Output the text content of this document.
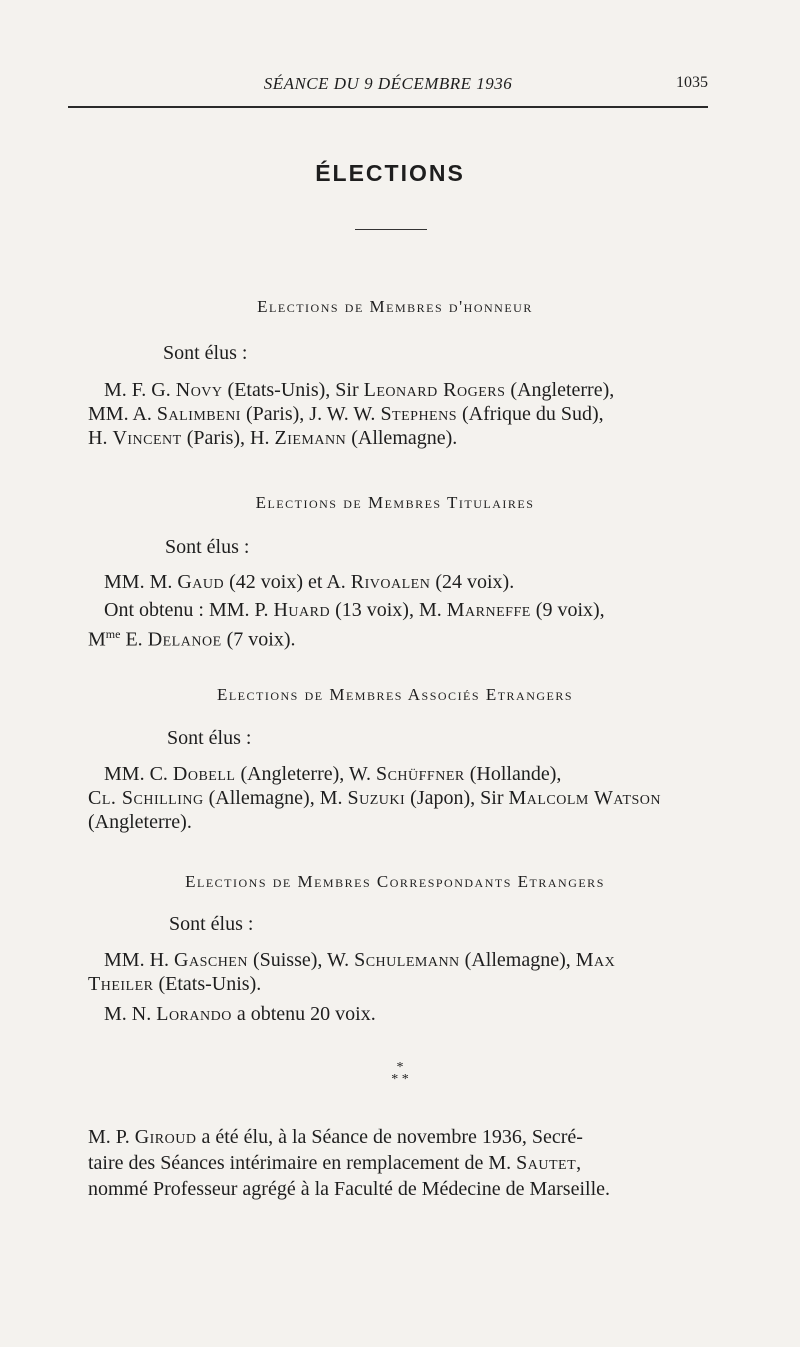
SÉANCE DU 9 DÉCEMBRE 1936	1035
ÉLECTIONS
Elections de Membres d'honneur
Sont élus :
M. F. G. Novy (Etats-Unis), Sir Leonard Rogers (Angleterre),
MM. A. Salimbeni (Paris), J. W. W. Stephens (Afrique du Sud),
H. Vincent (Paris), H. Ziemann (Allemagne).
Elections de Membres Titulaires
Sont élus :
MM. M. Gaud (42 voix) et A. Rivoalen (24 voix).
Ont obtenu : MM. P. Huard (13 voix), M. Marneffe (9 voix),
$M^{me}$ E. Delanoe (7 voix).
Elections de Membres Associés Etrangers
Sont élus :
MM. C. Dobell (Angleterre), W. Schüffner (Hollande),
Cl. Schilling (Allemagne), M. Suzuki (Japon), Sir Malcolm Watson
(Angleterre).
Elections de Membres Correspondants Etrangers
Sont élus :
MM. H. Gaschen (Suisse), W. Schulemann (Allemagne), Max
Theiler (Etats-Unis).
M. N. Lorando a obtenu 20 voix.
*
* *
M. P. Giroud a été élu, à la Séance de novembre 1936, Secré-
taire des Séances intérimaire en remplacement de M. Sautet,
nommé Professeur agrégé à la Faculté de Médecine de Marseille.
